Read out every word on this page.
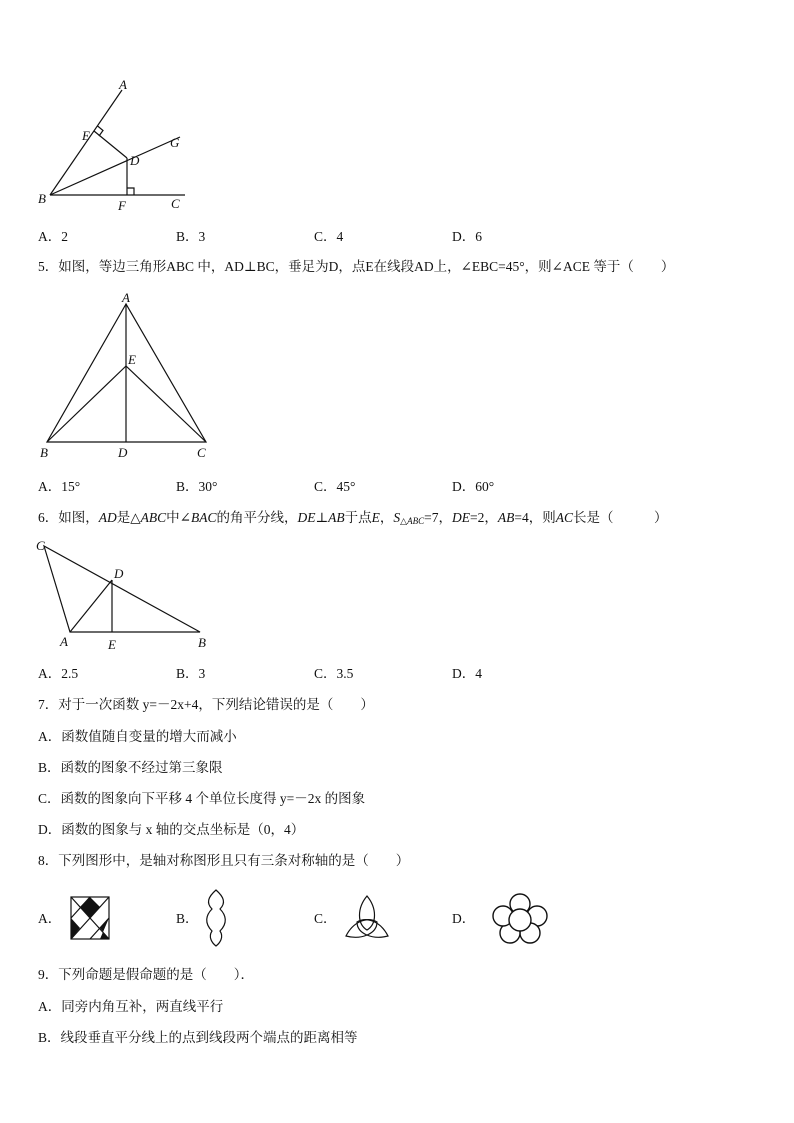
A
E
D
G
B	F	C
A．2	B．3	C．4	D．6
5．如图，等边三角形ABC 中，AD⊥BC，垂足为D，点E在线段AD上，∠EBC=45°，则∠ACE 等于（　　）
A
E
B	D	C
A．15°	B．30°	C．45°	D．60°
6．如图，AD是△ABC中∠BAC的角平分线，DE⊥AB于点E，$S_{\triangle ABC}=7$，DE=2，AB=4，则AC长是（　　　）
C
D
A	E	B
A．2.5	B．3	C．3.5	D．4
7．对于一次函数 y=－2x+4，下列结论错误的是（　　）
A．函数值随自变量的增大而减小
B．函数的图象不经过第三象限
C．函数的图象向下平移 4 个单位长度得 y=－2x 的图象
D．函数的图象与 x 轴的交点坐标是（0，4）
8．下列图形中，是轴对称图形且只有三条对称轴的是（　　）
A．	B．	C．	D．
9．下列命题是假命题的是（　　）．
A．同旁内角互补，两直线平行
B．线段垂直平分线上的点到线段两个端点的距离相等
